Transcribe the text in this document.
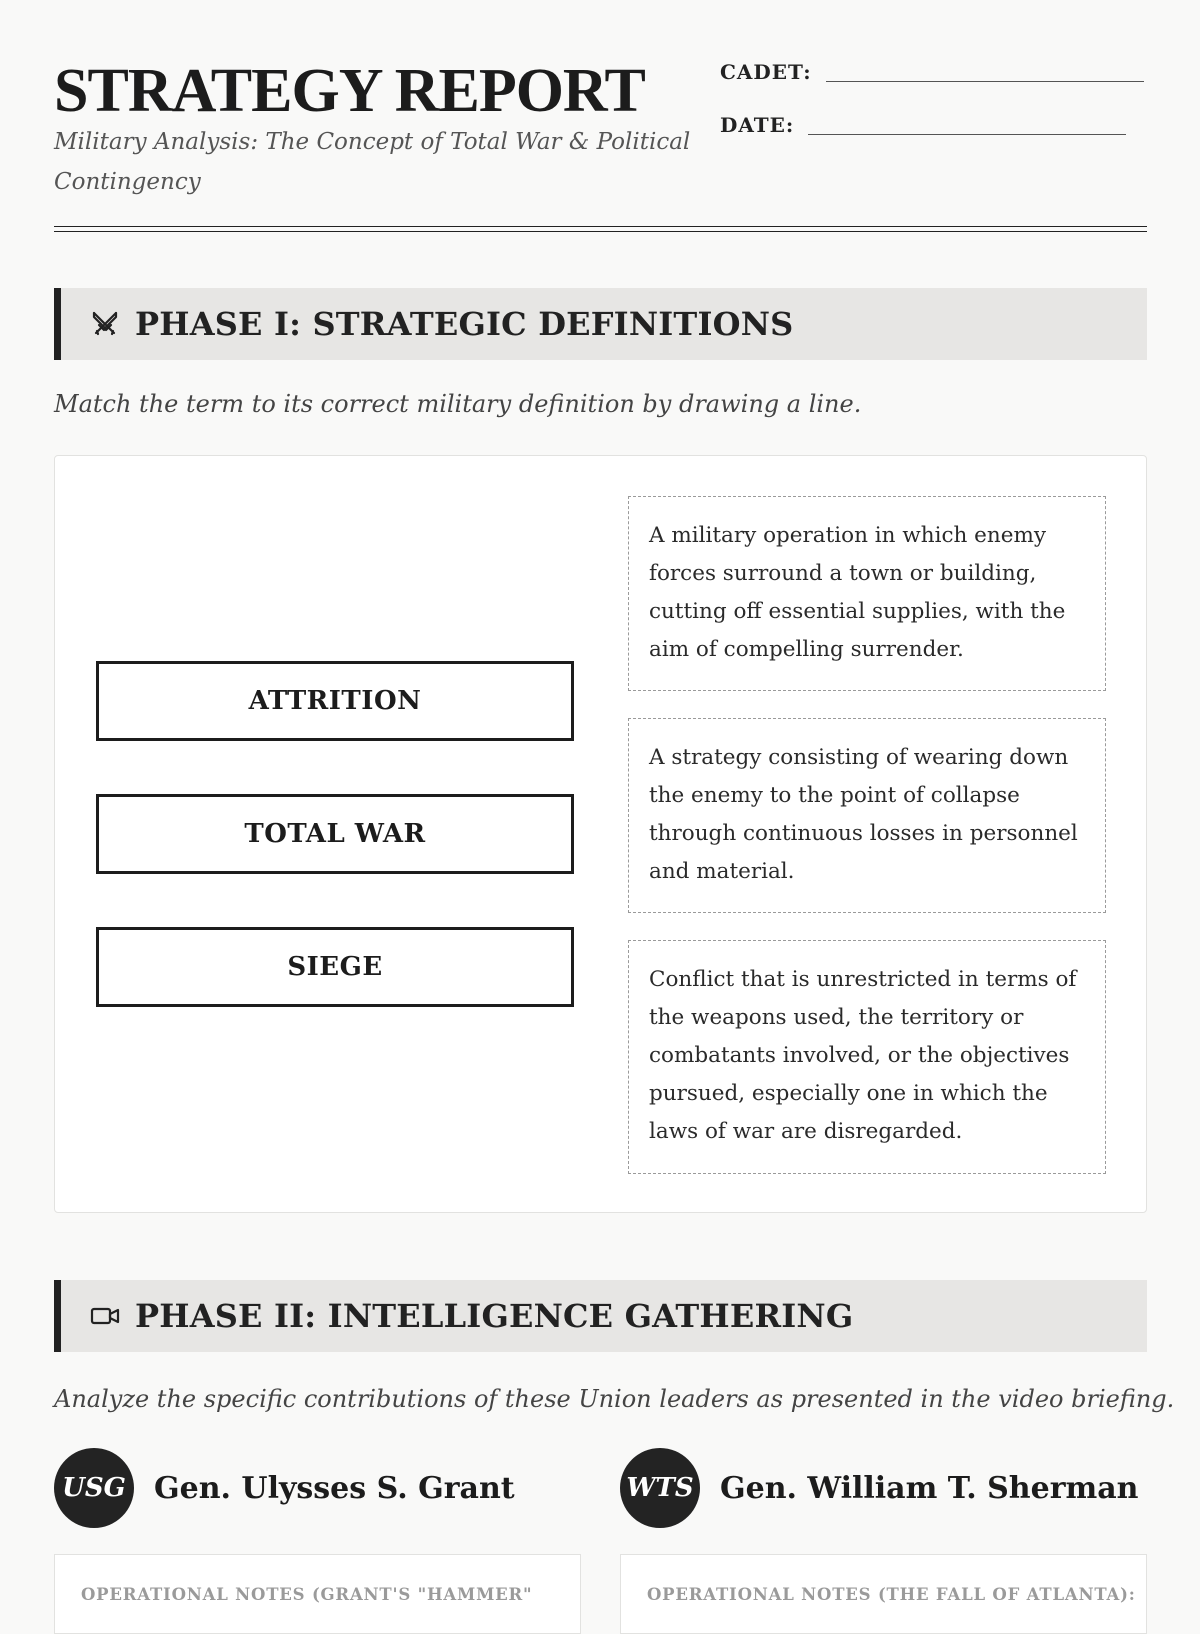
STRATEGY REPORT
Military Analysis: The Concept of Total War & Political Contingency
CADET:
DATE:
PHASE I: STRATEGIC DEFINITIONS
Match the term to its correct military definition by drawing a line.
ATTRITION
TOTAL WAR
SIEGE
A military operation in which enemy forces surround a town or building, cutting off essential supplies, with the aim of compelling surrender.
A strategy consisting of wearing down the enemy to the point of collapse through continuous losses in personnel and material.
Conflict that is unrestricted in terms of the weapons used, the territory or combatants involved, or the objectives pursued, especially one in which the laws of war are disregarded.
PHASE II: INTELLIGENCE GATHERING
Analyze the specific contributions of these Union leaders as presented in the video briefing.
USG Gen. Ulysses S. Grant	WTS Gen. William T. Sherman
OPERATIONAL NOTES (GRANT'S "HAMMER"	OPERATIONAL NOTES (THE FALL OF ATLANTA):
